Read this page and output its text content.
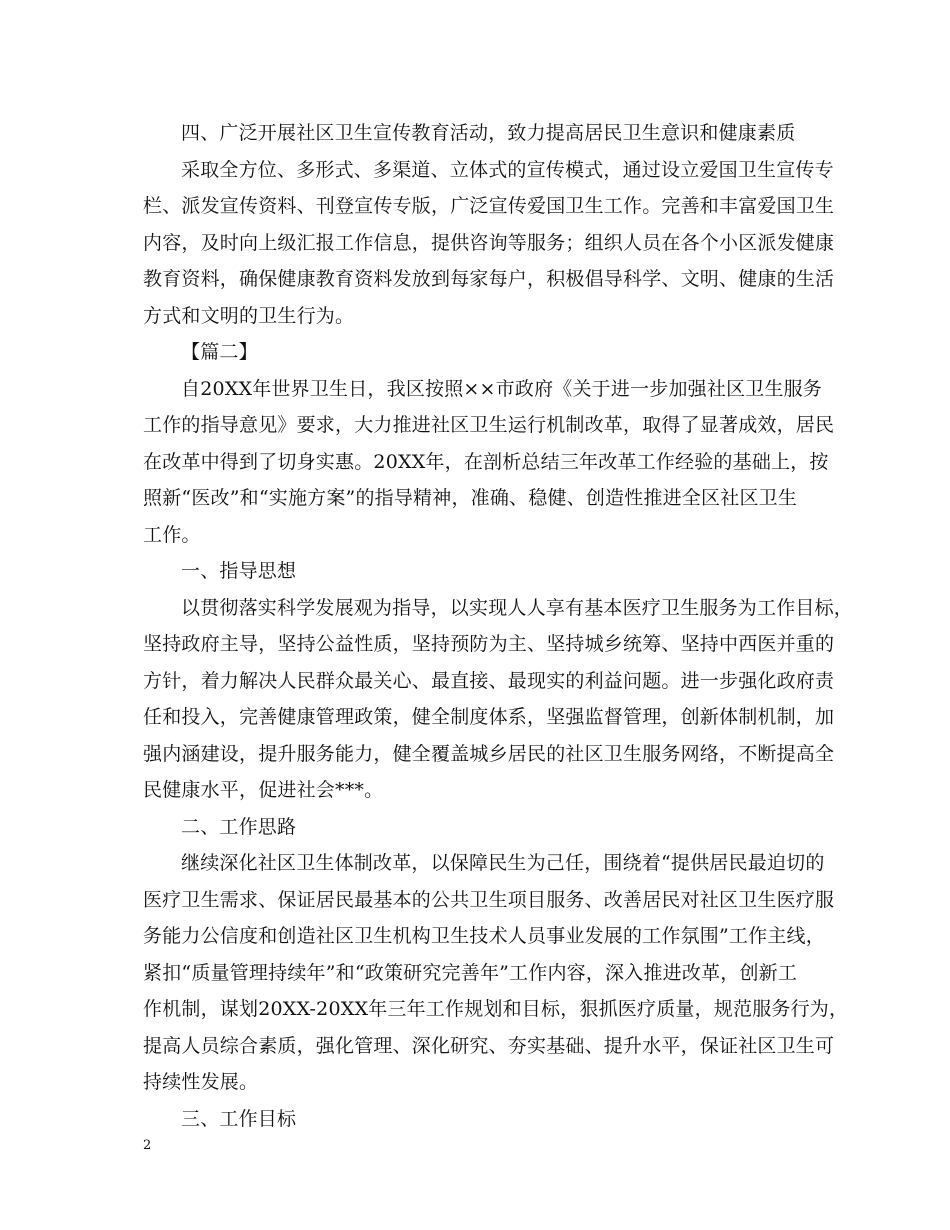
四、广泛开展社区卫生宣传教育活动，致力提高居民卫生意识和健康素质
采取全方位、多形式、多渠道、立体式的宣传模式，通过设立爱国卫生宣传专
栏、派发宣传资料、刊登宣传专版，广泛宣传爱国卫生工作。完善和丰富爱国卫生
内容，及时向上级汇报工作信息，提供咨询等服务；组织人员在各个小区派发健康
教育资料，确保健康教育资料发放到每家每户，积极倡导科学、文明、健康的生活
方式和文明的卫生行为。
【篇二】
自20XX年世界卫生日，我区按照××市政府《关于进一步加强社区卫生服务
工作的指导意见》要求，大力推进社区卫生运行机制改革，取得了显著成效，居民
在改革中得到了切身实惠。20XX年，在剖析总结三年改革工作经验的基础上，按
照新“医改”和“实施方案”的指导精神，准确、稳健、创造性推进全区社区卫生
工作。
一、指导思想
以贯彻落实科学发展观为指导，以实现人人享有基本医疗卫生服务为工作目标，
坚持政府主导，坚持公益性质，坚持预防为主、坚持城乡统筹、坚持中西医并重的
方针，着力解决人民群众最关心、最直接、最现实的利益问题。进一步强化政府责
任和投入，完善健康管理政策，健全制度体系，坚强监督管理，创新体制机制，加
强内涵建设，提升服务能力，健全覆盖城乡居民的社区卫生服务网络，不断提高全
民健康水平，促进社会***。
二、工作思路
继续深化社区卫生体制改革，以保障民生为己任，围绕着“提供居民最迫切的
医疗卫生需求、保证居民最基本的公共卫生项目服务、改善居民对社区卫生医疗服
务能力公信度和创造社区卫生机构卫生技术人员事业发展的工作氛围”工作主线，
紧扣“质量管理持续年”和“政策研究完善年”工作内容，深入推进改革，创新工
作机制，谋划20XX-20XX年三年工作规划和目标，狠抓医疗质量，规范服务行为，
提高人员综合素质，强化管理、深化研究、夯实基础、提升水平，保证社区卫生可
持续性发展。
三、工作目标
2
